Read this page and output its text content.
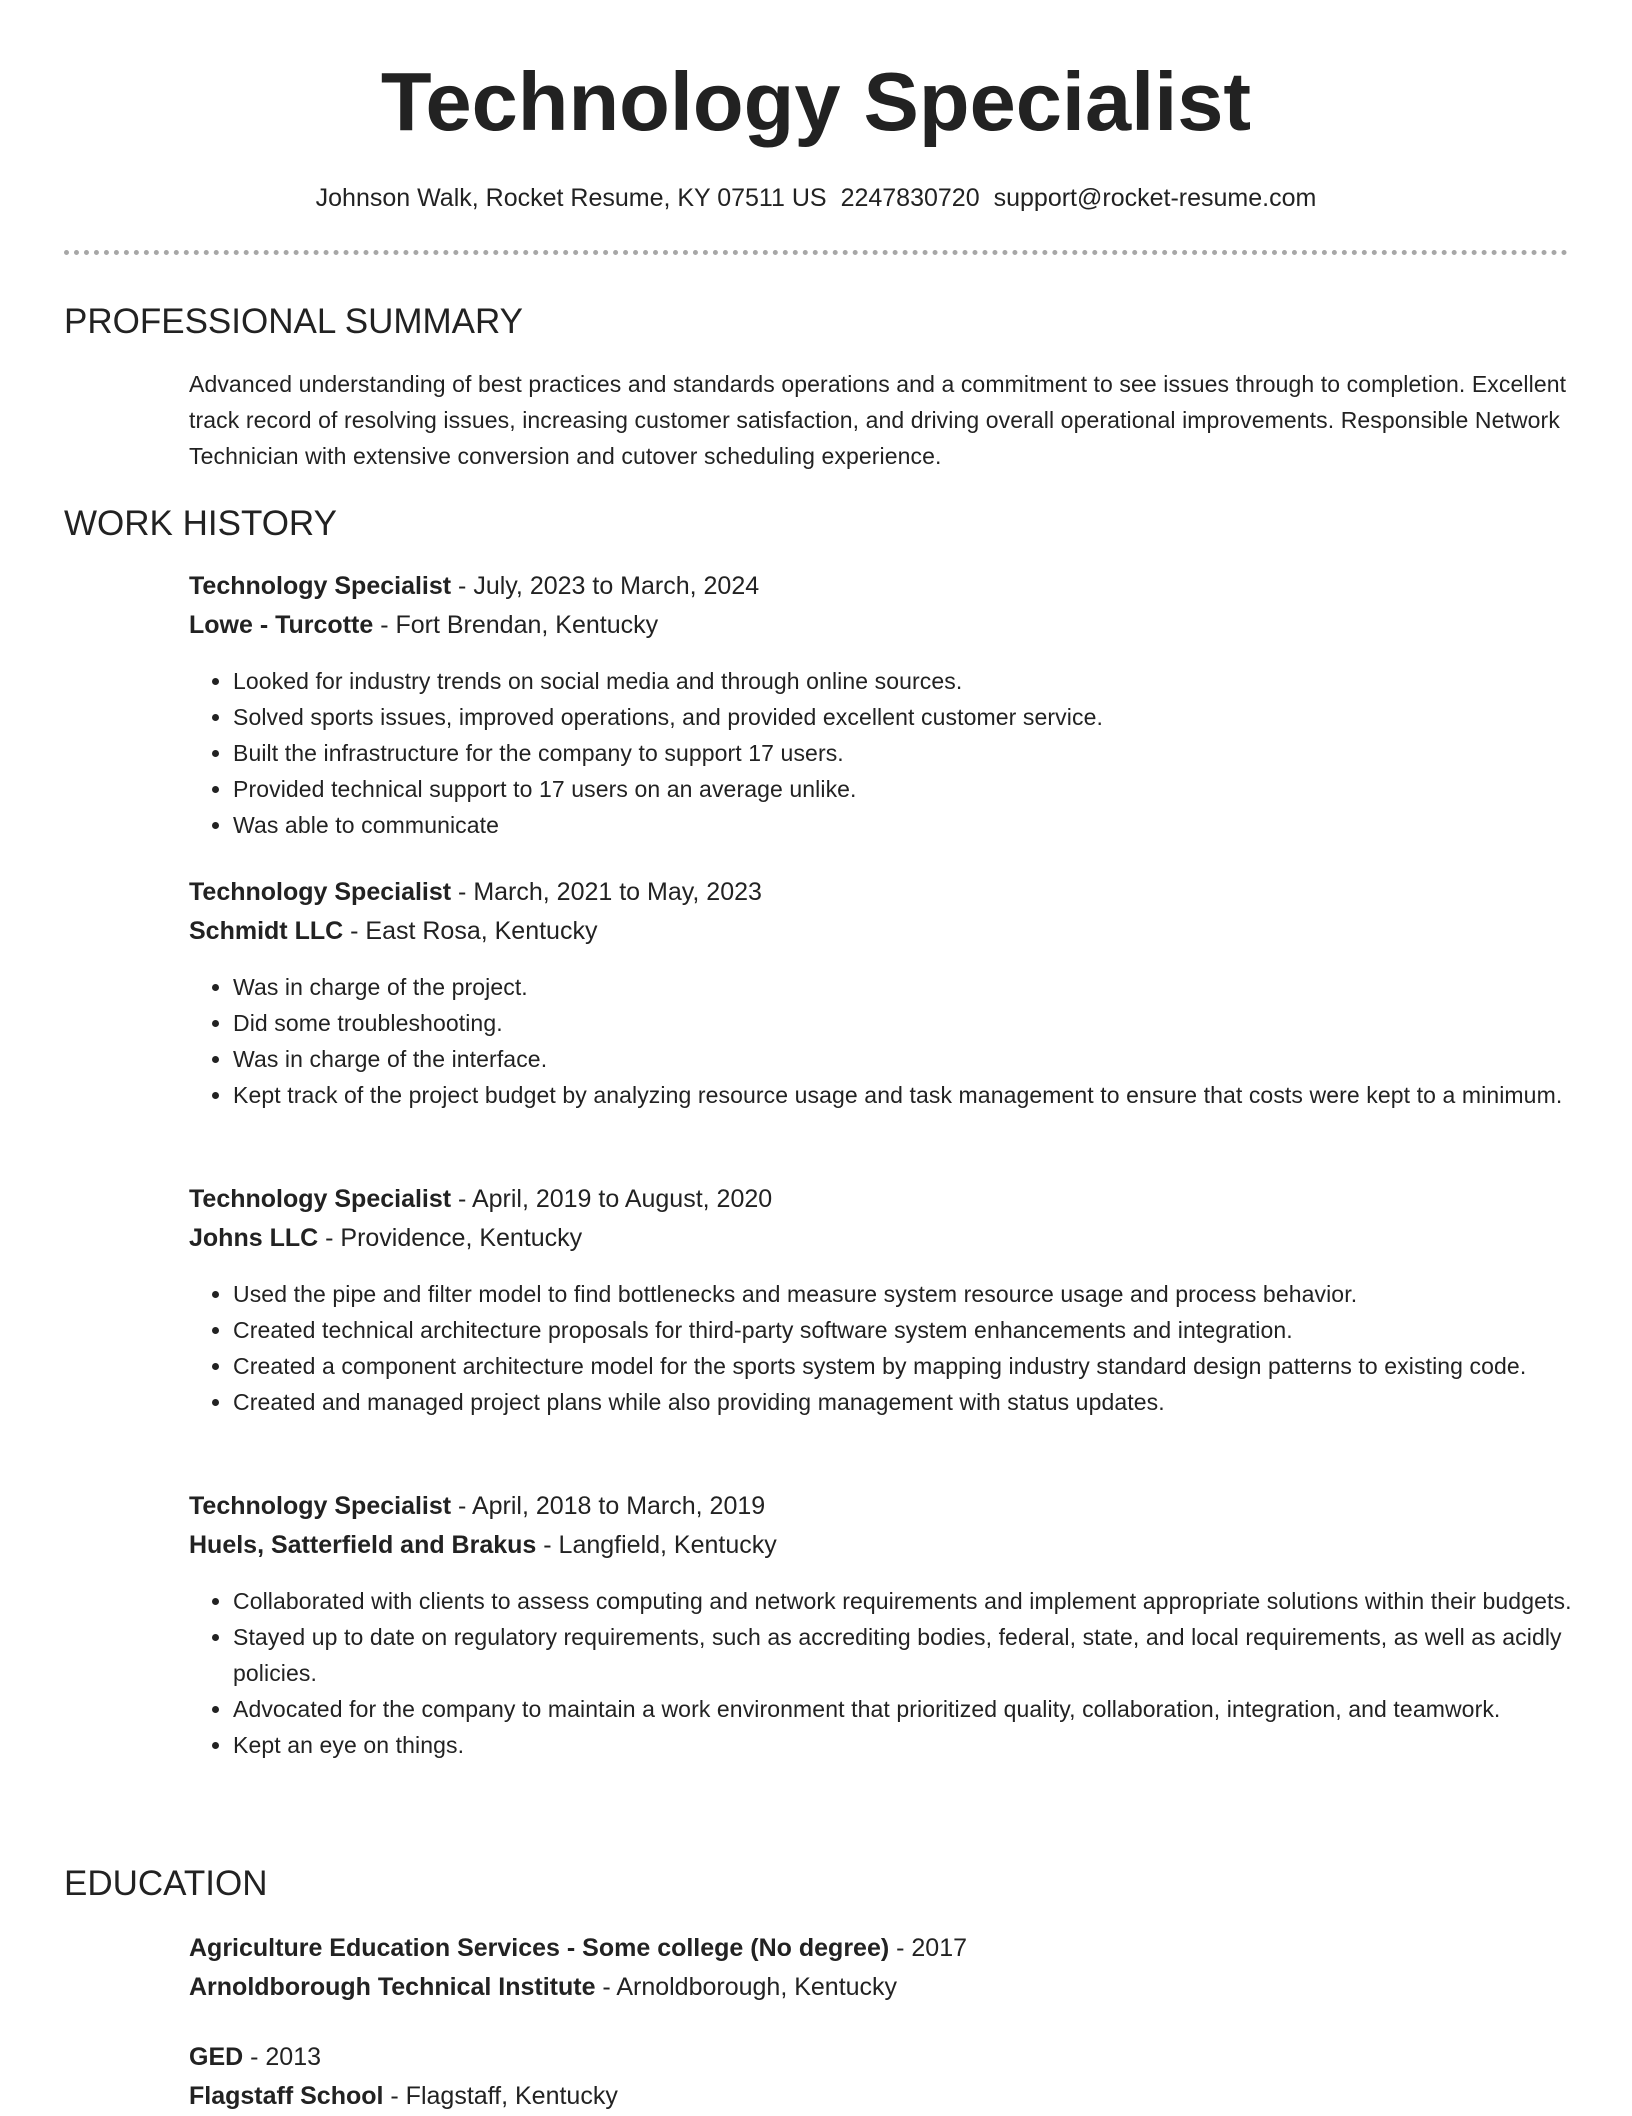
Technology Specialist
Johnson Walk, Rocket Resume, KY 07511 US 2247830720 support@rocket-resume.com
PROFESSIONAL SUMMARY

Advanced understanding of best practices and standards operations and a commitment to see issues through to completion. Excellent track record of resolving issues, increasing customer satisfaction, and driving overall operational improvements. Responsible Network Technician with extensive conversion and cutover scheduling experience.

WORK HISTORY
Technology Specialist - July, 2023 to March, 2024
Lowe - Turcotte - Fort Brendan, Kentucky
• Looked for industry trends on social media and through online sources.
• Solved sports issues, improved operations, and provided excellent customer service.
• Built the infrastructure for the company to support 17 users.
• Provided technical support to 17 users on an average unlike.
• Was able to communicate
Technology Specialist - March, 2021 to May, 2023
Schmidt LLC - East Rosa, Kentucky
• Was in charge of the project.
• Did some troubleshooting.
• Was in charge of the interface.
• Kept track of the project budget by analyzing resource usage and task management to ensure that costs were kept to a minimum.
Technology Specialist - April, 2019 to August, 2020
Johns LLC - Providence, Kentucky
• Used the pipe and filter model to find bottlenecks and measure system resource usage and process behavior.
• Created technical architecture proposals for third-party software system enhancements and integration.
• Created a component architecture model for the sports system by mapping industry standard design patterns to existing code.
• Created and managed project plans while also providing management with status updates.
Technology Specialist - April, 2018 to March, 2019
Huels, Satterfield and Brakus - Langfield, Kentucky
• Collaborated with clients to assess computing and network requirements and implement appropriate solutions within their budgets.
• Stayed up to date on regulatory requirements, such as accrediting bodies, federal, state, and local requirements, as well as acidly policies.
• Advocated for the company to maintain a work environment that prioritized quality, collaboration, integration, and teamwork.
• Kept an eye on things.
EDUCATION
Agriculture Education Services - Some college (No degree) - 2017
Arnoldborough Technical Institute - Arnoldborough, Kentucky
GED - 2013
Flagstaff School - Flagstaff, Kentucky
